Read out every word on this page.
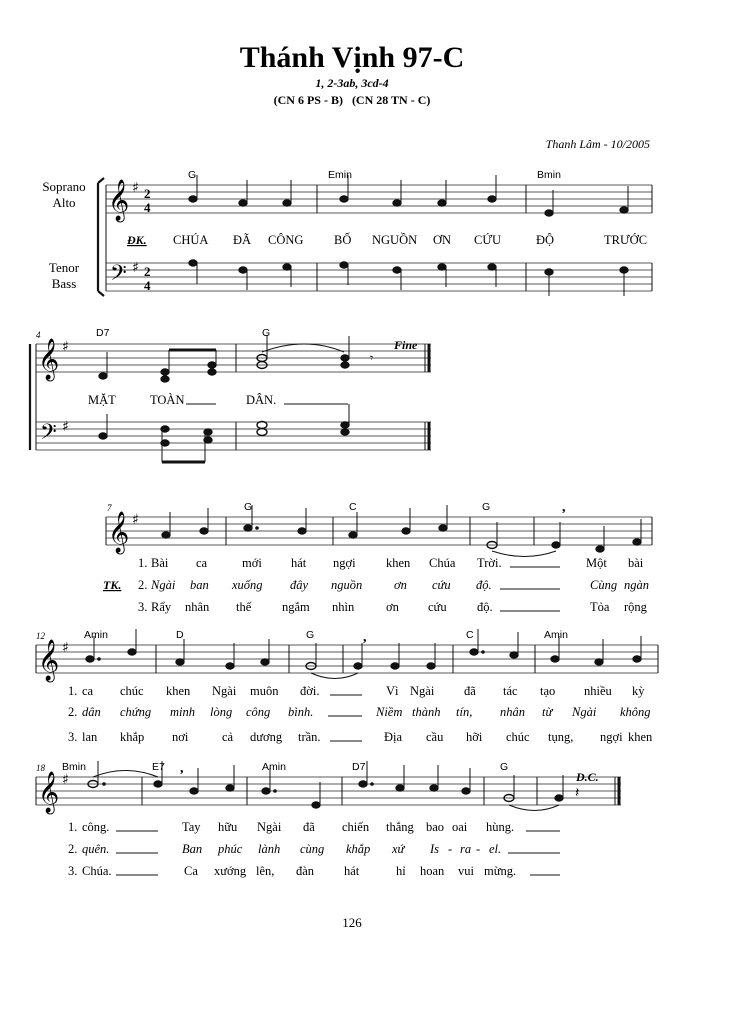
Thánh Vịnh 97-C
1, 2-3ab, 3cd-4
(CN 6 PS - B)   (CN 28 TN - C)
Thanh Lâm - 10/2005
Soprano
Alto
Tenor
Bass
𝄞
𝄢
♯
♯
2
4
2
4
G	Emin	Bmin
ĐK. CHÚA ĐÃ CÔNG BỐ NGUỒN ƠN CỨU	ĐỘ	TRƯỚC
4
𝄞
𝄢
♯
♯
D7	G
Fine
𝄾
MẶT	TOÀN	DÂN.
7
𝄞 ♯
,
G	C	G
TK.
1. Bài ca	mới hát ngợi khen Chúa Trời.	Một bài
2. Ngài ban xuống đây nguồn	ơn cứu độ.	Cùng ngàn
3. Rẩy nhân thế ngắm nhìn	ơn cứu độ.	Tỏa rộng
12
𝄞 ♯
,
Amin	D	G	C	Amin
1. ca chúc khen Ngài muôn đời.	Vì Ngài đã tác tạo nhiều kỳ
2. dân chứng minh lòng công bình.	Niềm thành tín, nhân từ Ngài không
3. lan khắp nơi	cả dương trần.	Địa cầu hỡi chúc tụng, ngợi khen
18
𝄞 ♯
,
𝄽
Bmin	E7	Amin	D7	G
D.C.
1. công.	Tay hữu Ngài đã chiến thắng bao oai hùng.
2. quên.	Ban phúc lành cùng khắp xứ Is - ra - el.
3. Chúa.	Ca xướng lên, đàn hát	hỉ hoan vui mừng.
126
